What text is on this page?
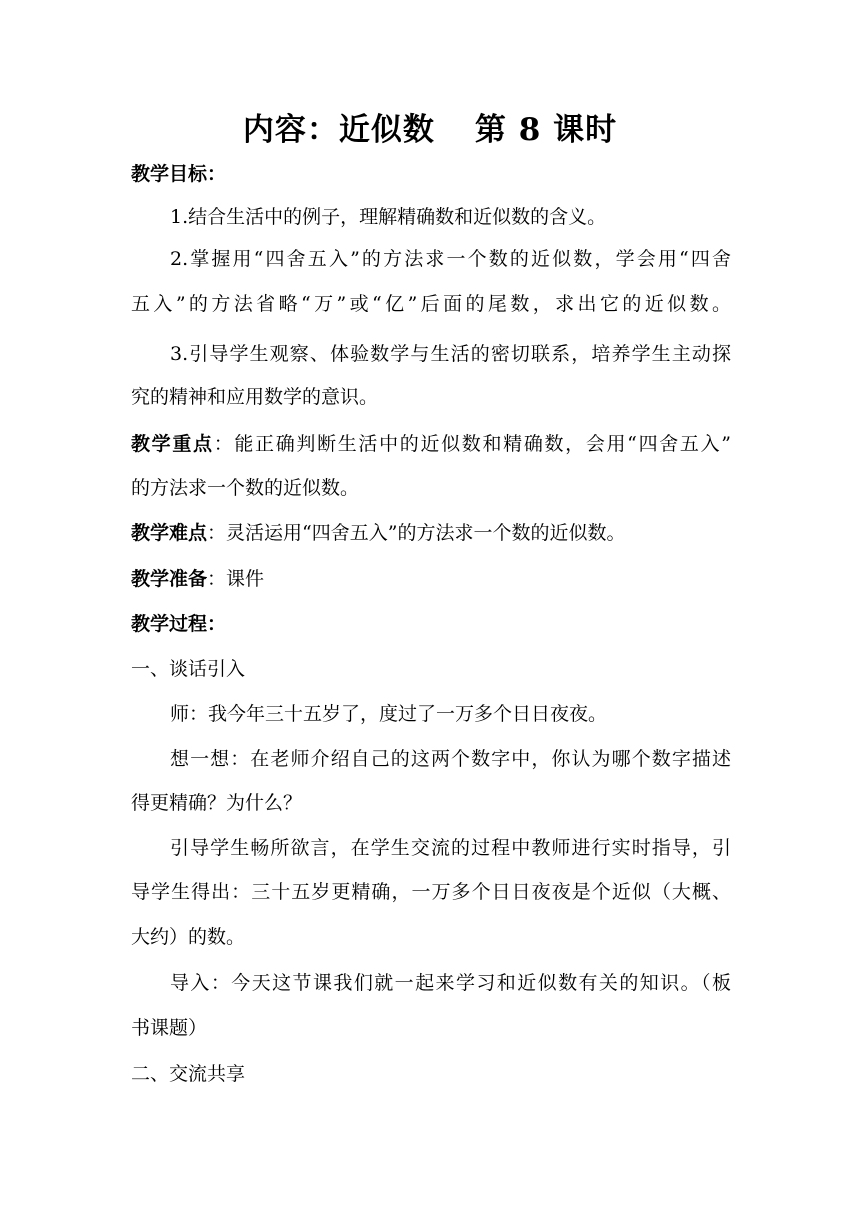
内容：近似数 第 8 课时
教学目标：
1.结合生活中的例子，理解精确数和近似数的含义。
2.掌握用“四舍五入”的方法求一个数的近似数，学会用“四舍
五入”的方法省略“万”或“亿”后面的尾数，求出它的近似数。
3.引导学生观察、体验数学与生活的密切联系，培养学生主动探
究的精神和应用数学的意识。
教学重点：能正确判断生活中的近似数和精确数，会用“四舍五入”
的方法求一个数的近似数。
教学难点：灵活运用“四舍五入”的方法求一个数的近似数。
教学准备：课件
教学过程：
一、谈话引入
师：我今年三十五岁了，度过了一万多个日日夜夜。
想一想：在老师介绍自己的这两个数字中，你认为哪个数字描述
得更精确？为什么？
引导学生畅所欲言，在学生交流的过程中教师进行实时指导，引
导学生得出：三十五岁更精确，一万多个日日夜夜是个近似（大概、
大约）的数。
导入：今天这节课我们就一起来学习和近似数有关的知识。（板
书课题）
二、交流共享
